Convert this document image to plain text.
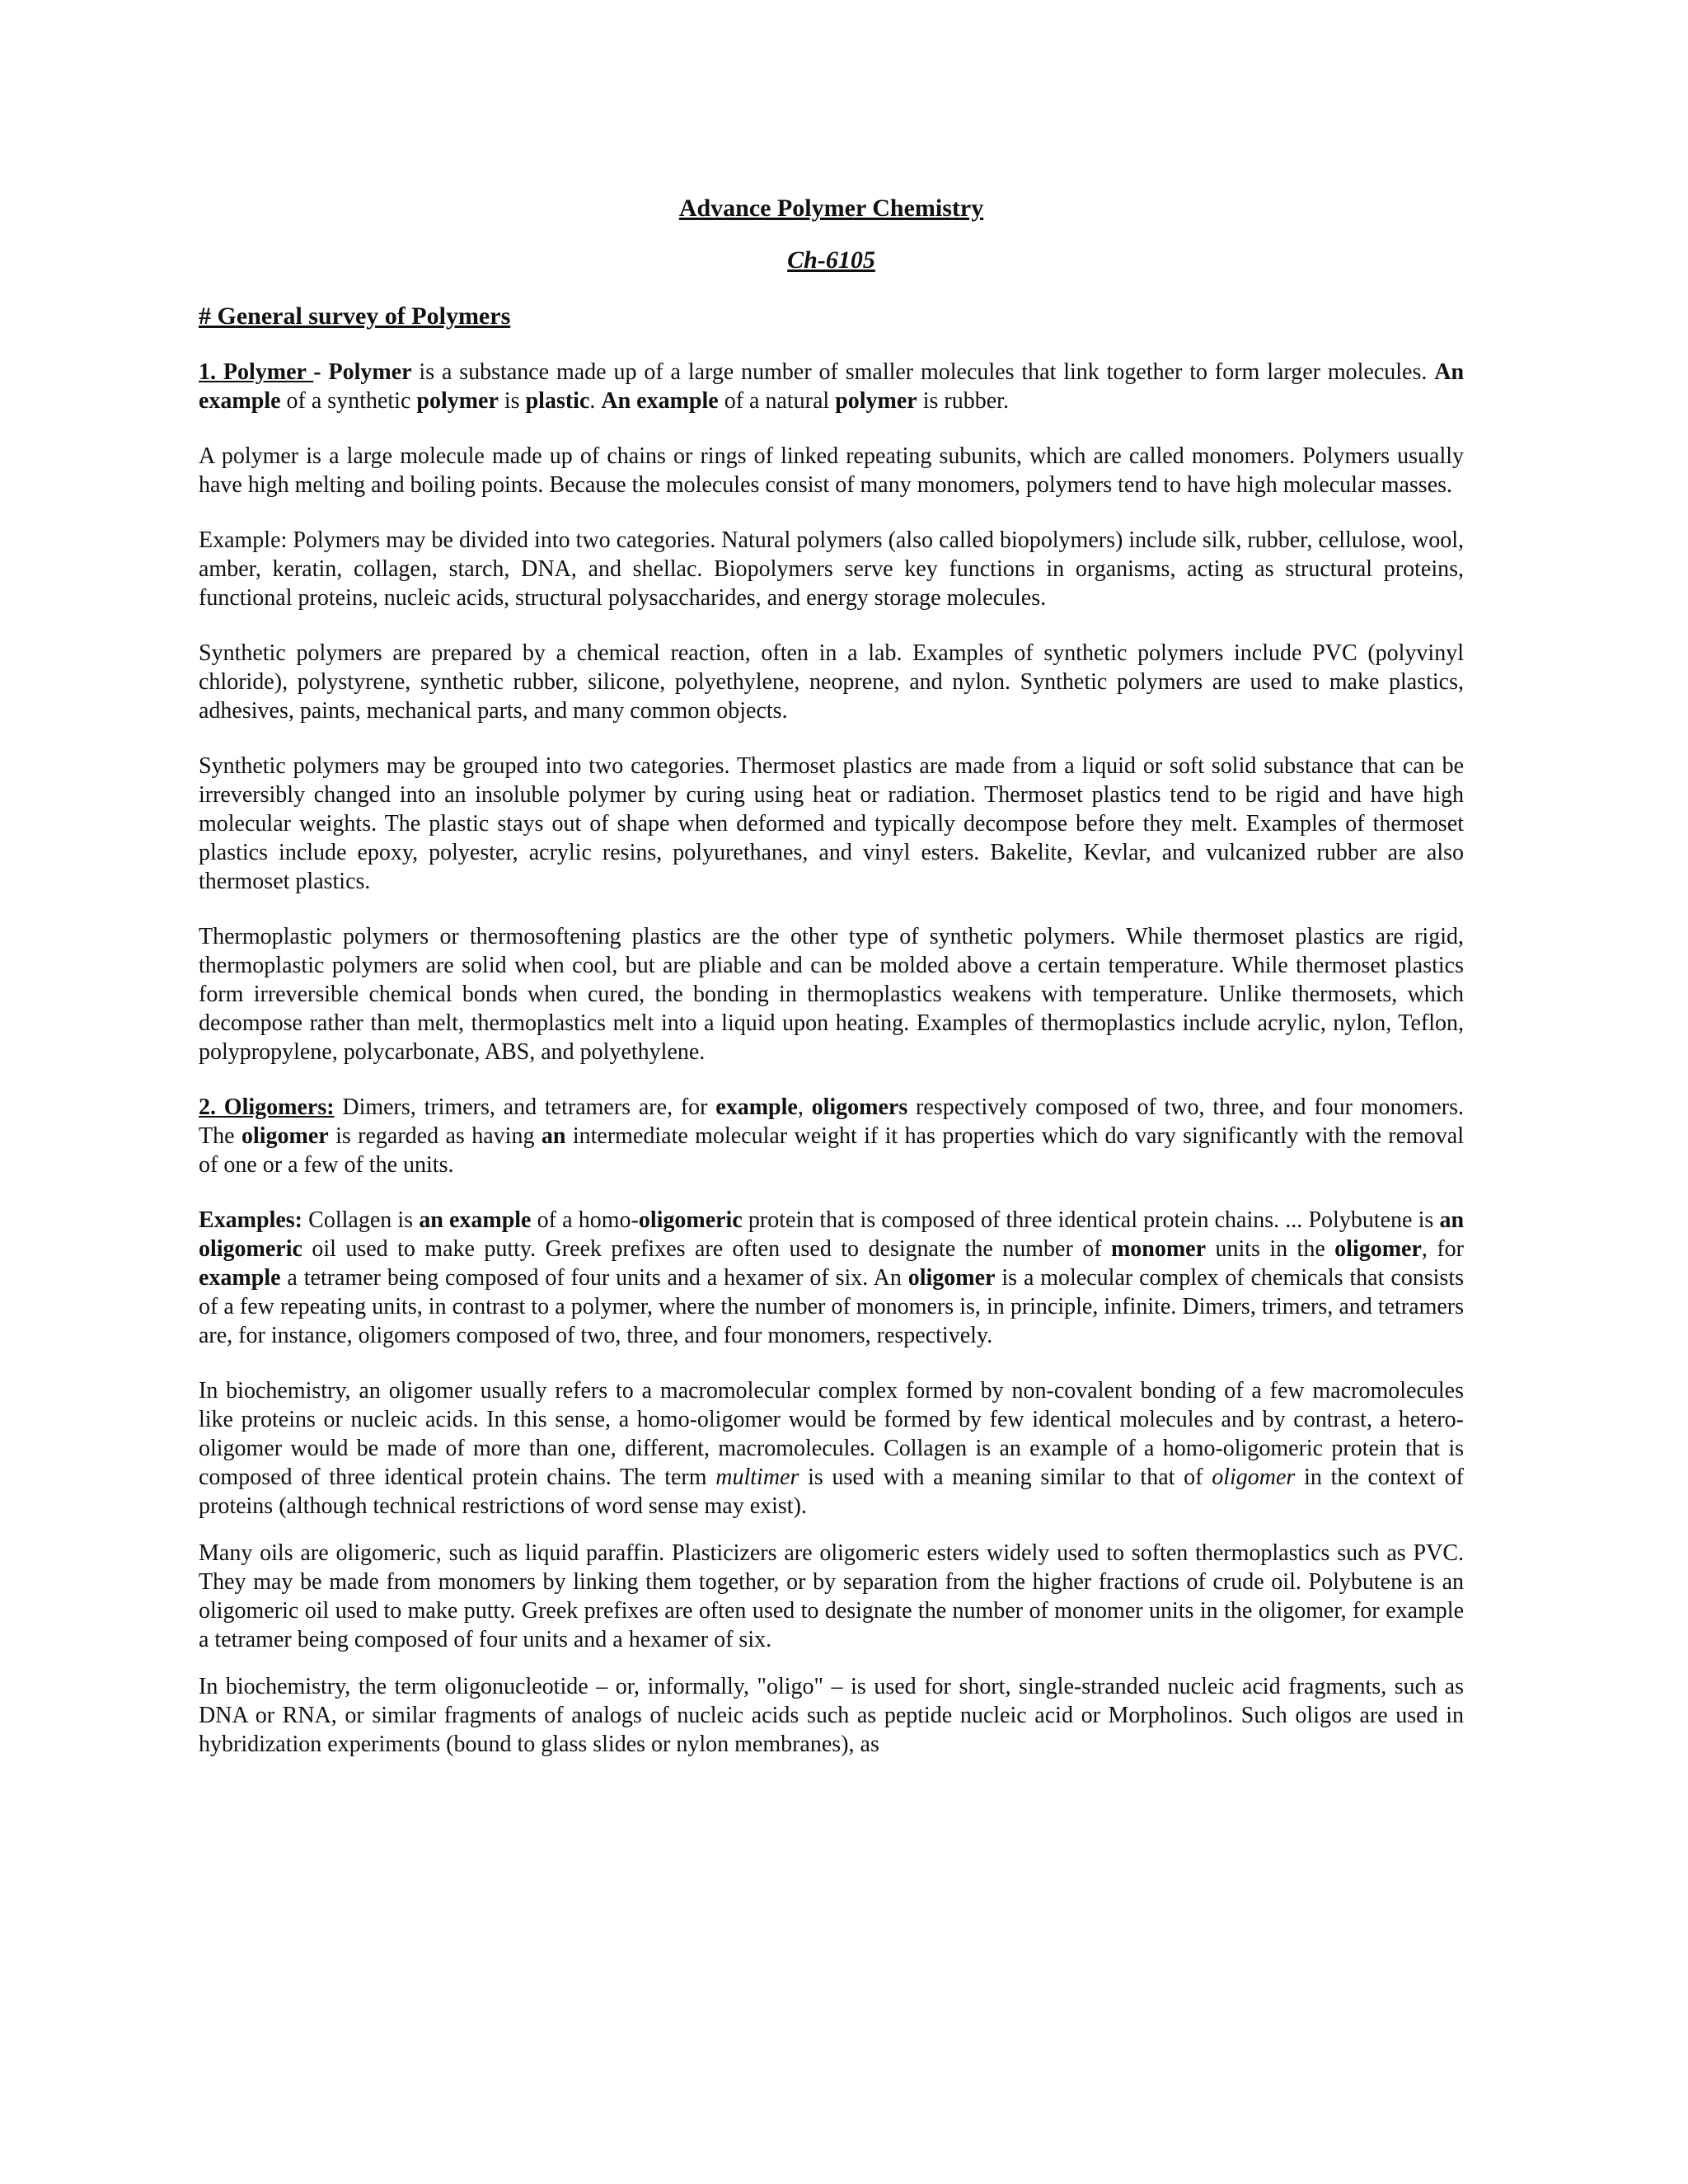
Advance Polymer Chemistry
Ch-6105
# General survey of Polymers

1. Polymer - Polymer is a substance made up of a large number of smaller molecules that link together to form larger molecules. An example of a synthetic polymer is plastic. An example of a natural polymer is rubber.

A polymer is a large molecule made up of chains or rings of linked repeating subunits, which are called monomers. Polymers usually have high melting and boiling points. Because the molecules consist of many monomers, polymers tend to have high molecular masses.

Example: Polymers may be divided into two categories. Natural polymers (also called biopolymers) include silk, rubber, cellulose, wool, amber, keratin, collagen, starch, DNA, and shellac. Biopolymers serve key functions in organisms, acting as structural proteins, functional proteins, nucleic acids, structural polysaccharides, and energy storage molecules.

Synthetic polymers are prepared by a chemical reaction, often in a lab. Examples of synthetic polymers include PVC (polyvinyl chloride), polystyrene, synthetic rubber, silicone, polyethylene, neoprene, and nylon. Synthetic polymers are used to make plastics, adhesives, paints, mechanical parts, and many common objects.

Synthetic polymers may be grouped into two categories. Thermoset plastics are made from a liquid or soft solid substance that can be irreversibly changed into an insoluble polymer by curing using heat or radiation. Thermoset plastics tend to be rigid and have high molecular weights. The plastic stays out of shape when deformed and typically decompose before they melt. Examples of thermoset plastics include epoxy, polyester, acrylic resins, polyurethanes, and vinyl esters. Bakelite, Kevlar, and vulcanized rubber are also thermoset plastics.

Thermoplastic polymers or thermosoftening plastics are the other type of synthetic polymers. While thermoset plastics are rigid, thermoplastic polymers are solid when cool, but are pliable and can be molded above a certain temperature. While thermoset plastics form irreversible chemical bonds when cured, the bonding in thermoplastics weakens with temperature. Unlike thermosets, which decompose rather than melt, thermoplastics melt into a liquid upon heating. Examples of thermoplastics include acrylic, nylon, Teflon, polypropylene, polycarbonate, ABS, and polyethylene.

2. Oligomers: Dimers, trimers, and tetramers are, for example, oligomers respectively composed of two, three, and four monomers. The oligomer is regarded as having an intermediate molecular weight if it has properties which do vary significantly with the removal of one or a few of the units.

Examples: Collagen is an example of a homo-oligomeric protein that is composed of three identical protein chains. ... Polybutene is an oligomeric oil used to make putty. Greek prefixes are often used to designate the number of monomer units in the oligomer, for example a tetramer being composed of four units and a hexamer of six. An oligomer is a molecular complex of chemicals that consists of a few repeating units, in contrast to a polymer, where the number of monomers is, in principle, infinite. Dimers, trimers, and tetramers are, for instance, oligomers composed of two, three, and four monomers, respectively.

In biochemistry, an oligomer usually refers to a macromolecular complex formed by non-covalent bonding of a few macromolecules like proteins or nucleic acids. In this sense, a homo-oligomer would be formed by few identical molecules and by contrast, a hetero-oligomer would be made of more than one, different, macromolecules. Collagen is an example of a homo-oligomeric protein that is composed of three identical protein chains. The term multimer is used with a meaning similar to that of oligomer in the context of proteins (although technical restrictions of word sense may exist).

Many oils are oligomeric, such as liquid paraffin. Plasticizers are oligomeric esters widely used to soften thermoplastics such as PVC. They may be made from monomers by linking them together, or by separation from the higher fractions of crude oil. Polybutene is an oligomeric oil used to make putty. Greek prefixes are often used to designate the number of monomer units in the oligomer, for example a tetramer being composed of four units and a hexamer of six.

In biochemistry, the term oligonucleotide – or, informally, "oligo" – is used for short, single-stranded nucleic acid fragments, such as DNA or RNA, or similar fragments of analogs of nucleic acids such as peptide nucleic acid or Morpholinos. Such oligos are used in hybridization experiments (bound to glass slides or nylon membranes), as
